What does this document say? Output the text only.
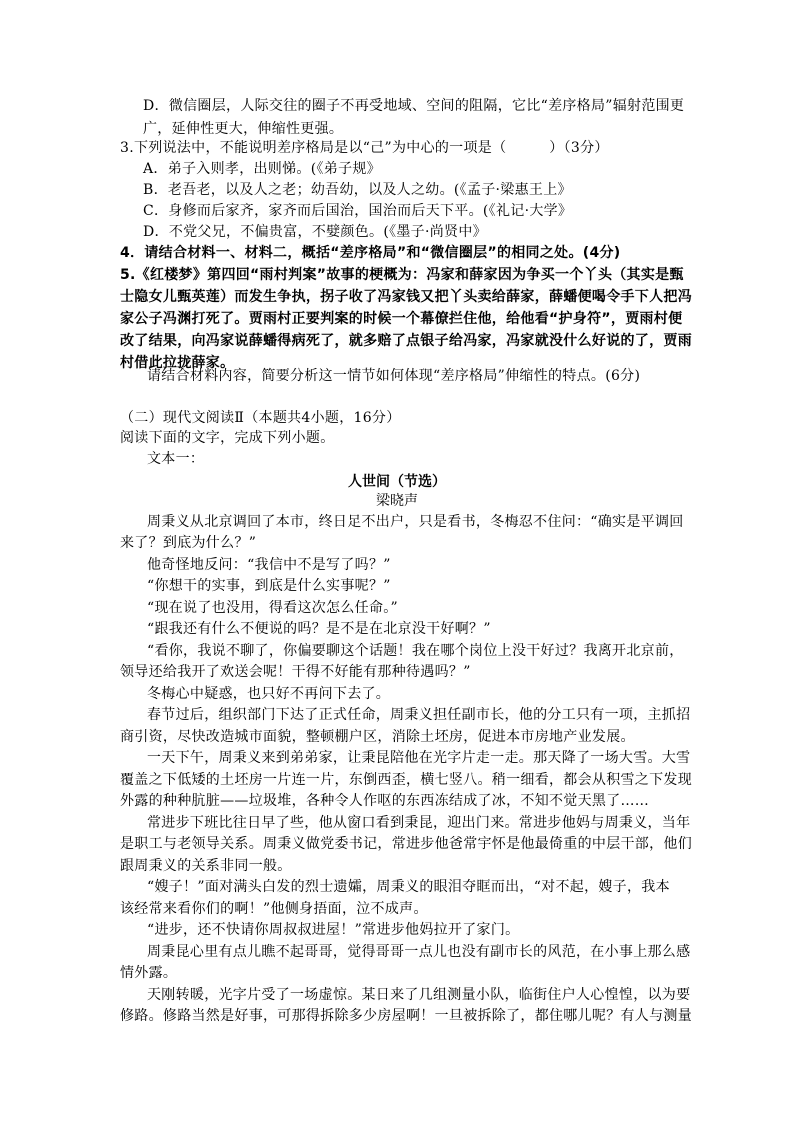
D．微信圈层，人际交往的圈子不再受地域、空间的阻隔，它比“差序格局”辐射范围更
广，延伸性更大，伸缩性更强。
3.下列说法中，不能说明差序格局是以“己”为中心的一项是（　　　）（3分）
A．弟子入则孝，出则悌。(《弟子规》
B．老吾老，以及人之老；幼吾幼，以及人之幼。(《孟子·梁惠王上》
C．身修而后家齐，家齐而后国治，国治而后天下平。(《礼记·大学》
D．不党父兄，不偏贵富，不嬖颜色。(《墨子·尚贤中》
4．请结合材料一、材料二，概括“差序格局”和“微信圈层”的相同之处。(4分)
5.《红楼梦》第四回“雨村判案”故事的梗概为：冯家和薛家因为争买一个丫头（其实是甄
士隐女儿甄英莲）而发生争执，拐子收了冯家钱又把丫头卖给薛家，薛蟠便喝令手下人把冯
家公子冯渊打死了。贾雨村正要判案的时候一个幕僚拦住他，给他看“护身符”，贾雨村便
改了结果，向冯家说薛蟠得病死了，就多赔了点银子给冯家，冯家就没什么好说的了，贾雨
村借此拉拢薛家。
请结合材料内容，简要分析这一情节如何体现“差序格局”伸缩性的特点。(6分)
（二）现代文阅读Ⅱ（本题共4小题，16分）
阅读下面的文字，完成下列小题。
文本一：
人世间（节选）
梁晓声
周秉义从北京调回了本市，终日足不出户，只是看书，冬梅忍不住问：“确实是平调回
来了？到底为什么？”
他奇怪地反问：“我信中不是写了吗？”
“你想干的实事，到底是什么实事呢？”
“现在说了也没用，得看这次怎么任命。”
“跟我还有什么不便说的吗？是不是在北京没干好啊？”
“看你，我说不聊了，你偏要聊这个话题！我在哪个岗位上没干好过？我离开北京前，
领导还给我开了欢送会呢！干得不好能有那种待遇吗？”
冬梅心中疑惑，也只好不再问下去了。
春节过后，组织部门下达了正式任命，周秉义担任副市长，他的分工只有一项，主抓招
商引资，尽快改造城市面貌，整顿棚户区，消除土坯房，促进本市房地产业发展。
一天下午，周秉义来到弟弟家，让秉昆陪他在光字片走一走。那天降了一场大雪。大雪
覆盖之下低矮的土坯房一片连一片，东倒西歪，横七竖八。稍一细看，都会从积雪之下发现
外露的种种肮脏——垃圾堆，各种令人作呕的东西冻结成了冰，不知不觉天黑了……
常进步下班比往日早了些，他从窗口看到秉昆，迎出门来。常进步他妈与周秉义，当年
是职工与老领导关系。周秉义做党委书记，常进步他爸常宇怀是他最倚重的中层干部，他们
跟周秉义的关系非同一般。
“嫂子！”面对满头白发的烈士遗孀，周秉义的眼泪夺眶而出，“对不起，嫂子，我本
该经常来看你们的啊！”他侧身捂面，泣不成声。
“进步，还不快请你周叔叔进屋！”常进步他妈拉开了家门。
周秉昆心里有点儿瞧不起哥哥，觉得哥哥一点儿也没有副市长的风范，在小事上那么感
情外露。
天刚转暖，光字片受了一场虚惊。某日来了几组测量小队，临街住户人心惶惶，以为要
修路。修路当然是好事，可那得拆除多少房屋啊！一旦被拆除了，都住哪儿呢？有人与测量
